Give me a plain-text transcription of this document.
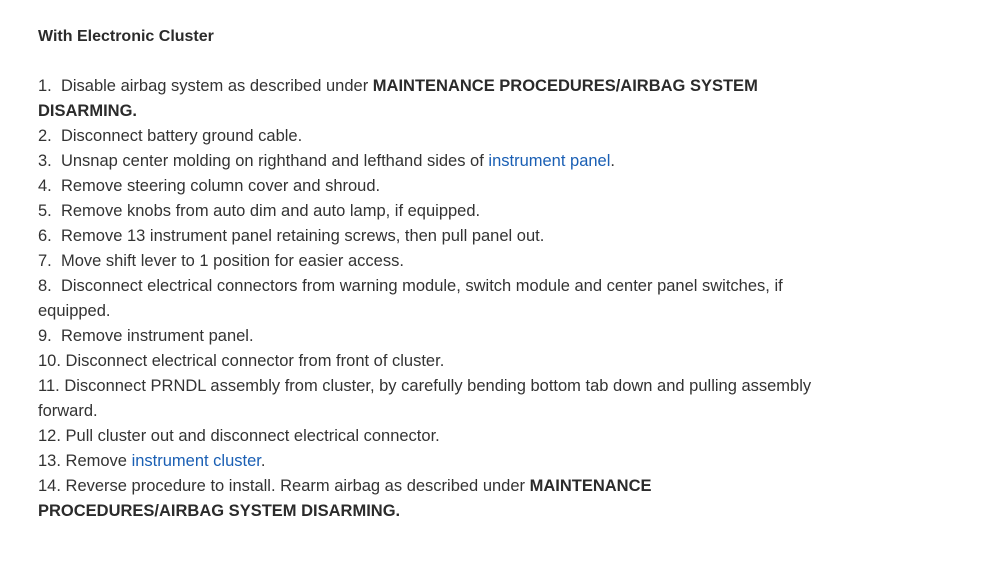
With Electronic Cluster
1. Disable airbag system as described under MAINTENANCE PROCEDURES/AIRBAG SYSTEM DISARMING.
2. Disconnect battery ground cable.
3. Unsnap center molding on righthand and lefthand sides of instrument panel.
4. Remove steering column cover and shroud.
5. Remove knobs from auto dim and auto lamp, if equipped.
6. Remove 13 instrument panel retaining screws, then pull panel out.
7. Move shift lever to 1 position for easier access.
8. Disconnect electrical connectors from warning module, switch module and center panel switches, if equipped.
9. Remove instrument panel.
10. Disconnect electrical connector from front of cluster.
11. Disconnect PRNDL assembly from cluster, by carefully bending bottom tab down and pulling assembly forward.
12. Pull cluster out and disconnect electrical connector.
13. Remove instrument cluster.
14. Reverse procedure to install. Rearm airbag as described under MAINTENANCE PROCEDURES/AIRBAG SYSTEM DISARMING.
